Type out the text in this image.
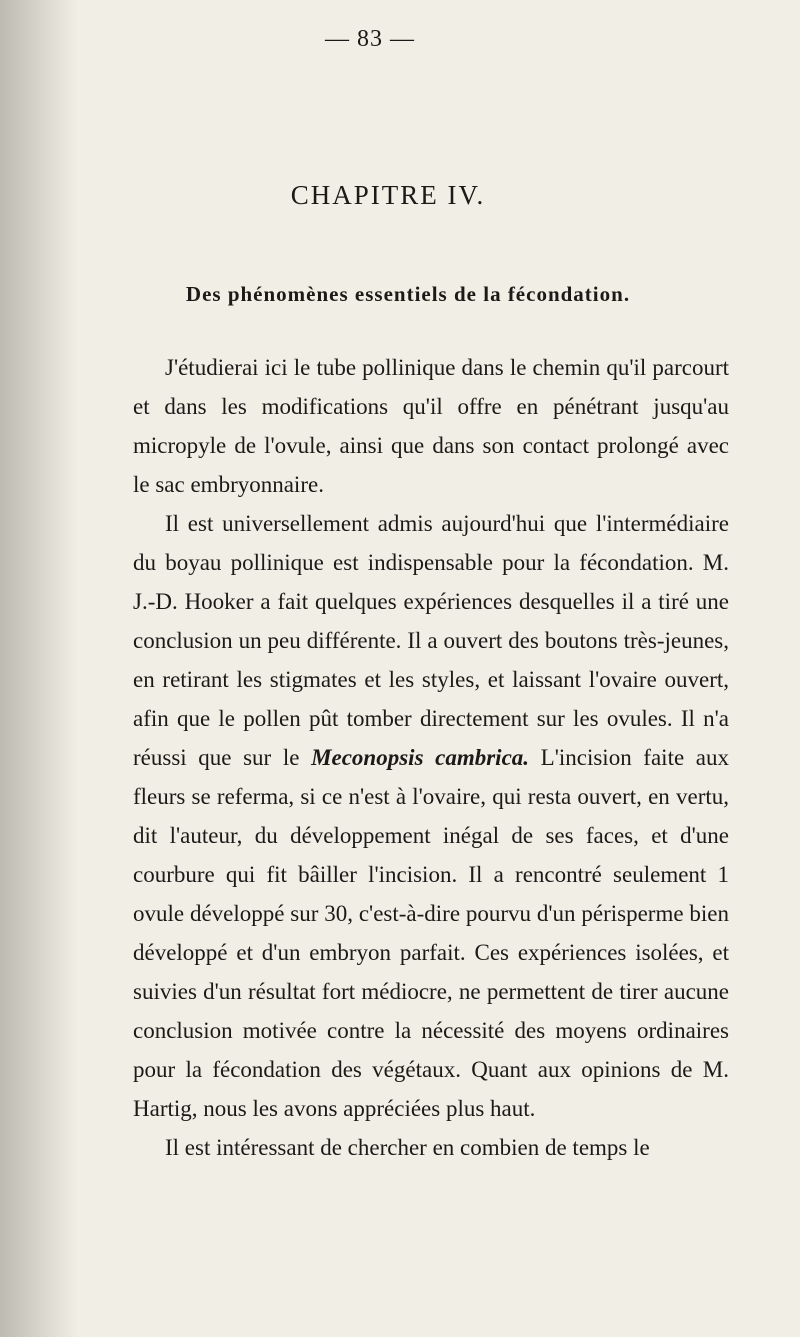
— 83 —
CHAPITRE IV.
Des phénomènes essentiels de la fécondation.

J'étudierai ici le tube pollinique dans le chemin qu'il parcourt et dans les modifications qu'il offre en pénétrant jusqu'au micropyle de l'ovule, ainsi que dans son contact prolongé avec le sac embryonnaire.

Il est universellement admis aujourd'hui que l'intermédiaire du boyau pollinique est indispensable pour la fécondation. M. J.-D. Hooker a fait quelques expériences desquelles il a tiré une conclusion un peu différente. Il a ouvert des boutons très-jeunes, en retirant les stigmates et les styles, et laissant l'ovaire ouvert, afin que le pollen pût tomber directement sur les ovules. Il n'a réussi que sur le Meconopsis cambrica. L'incision faite aux fleurs se referma, si ce n'est à l'ovaire, qui resta ouvert, en vertu, dit l'auteur, du développement inégal de ses faces, et d'une courbure qui fit bâiller l'incision. Il a rencontré seulement 1 ovule développé sur 30, c'est-à-dire pourvu d'un périsperme bien développé et d'un embryon parfait. Ces expériences isolées, et suivies d'un résultat fort médiocre, ne permettent de tirer aucune conclusion motivée contre la nécessité des moyens ordinaires pour la fécondation des végétaux. Quant aux opinions de M. Hartig, nous les avons appréciées plus haut.

Il est intéressant de chercher en combien de temps le
